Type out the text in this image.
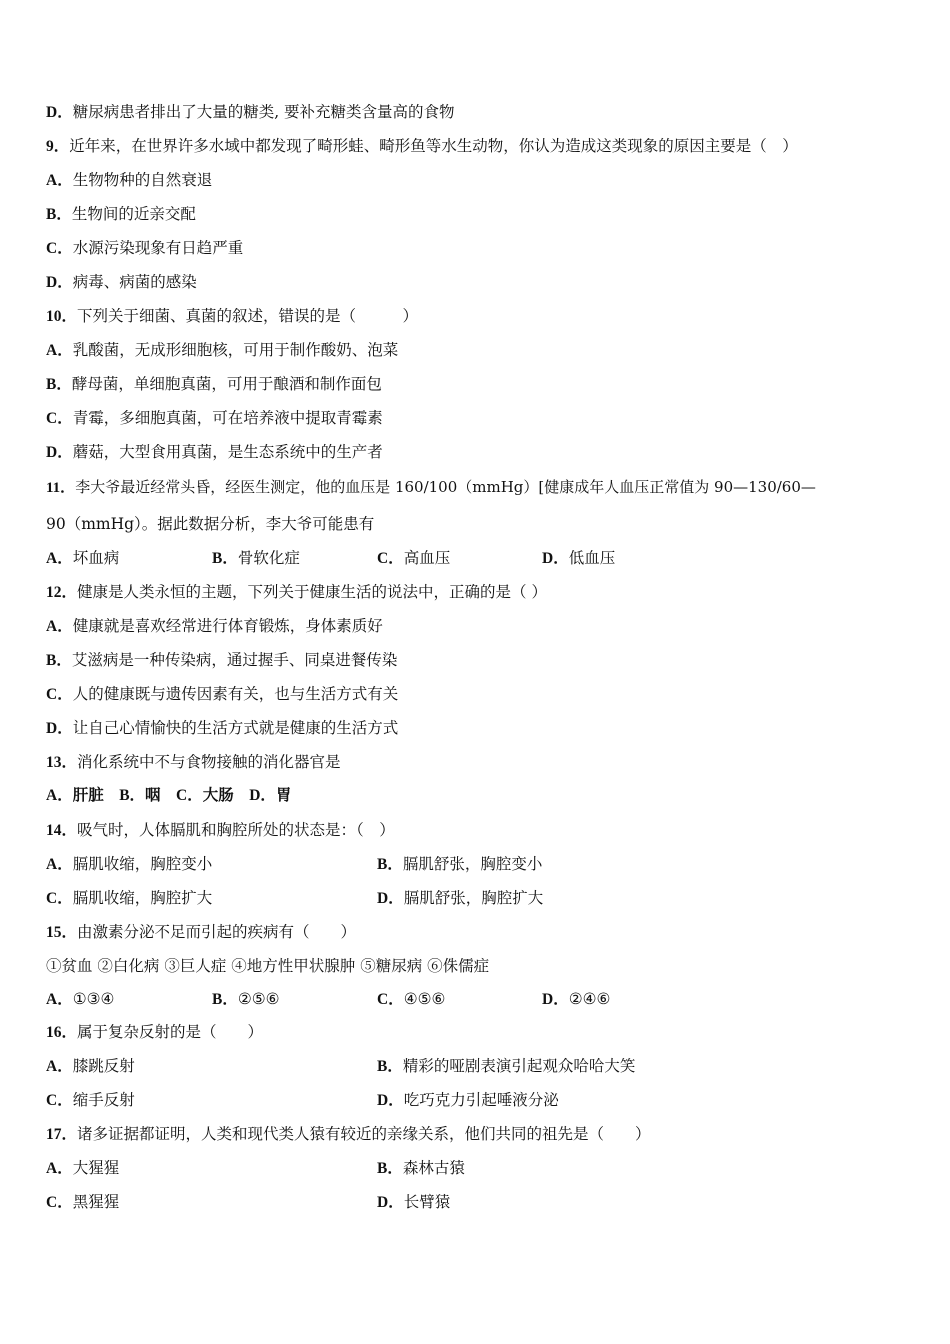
D．糖尿病患者排出了大量的糖类, 要补充糖类含量高的食物
9．近年来，在世界许多水域中都发现了畸形蛙、畸形鱼等水生动物，你认为造成这类现象的原因主要是（　）
A．生物物种的自然衰退
B．生物间的近亲交配
C．水源污染现象有日趋严重
D．病毒、病菌的感染
10．下列关于细菌、真菌的叙述，错误的是（　　　）
A．乳酸菌，无成形细胞核，可用于制作酸奶、泡菜
B．酵母菌，单细胞真菌，可用于酿酒和制作面包
C．青霉，多细胞真菌，可在培养液中提取青霉素
D．蘑菇，大型食用真菌，是生态系统中的生产者
11．李大爷最近经常头昏，经医生测定，他的血压是 160/100（mmHg）[健康成年人血压正常值为 90—130/60—
90（mmHg）。据此数据分析，李大爷可能患有
A．坏血病	B．骨软化症	C．高血压	D．低血压
12．健康是人类永恒的主题，下列关于健康生活的说法中，正确的是（ ）
A．健康就是喜欢经常进行体育锻炼，身体素质好
B．艾滋病是一种传染病，通过握手、同桌进餐传染
C．人的健康既与遗传因素有关，也与生活方式有关
D．让自己心情愉快的生活方式就是健康的生活方式
13．消化系统中不与食物接触的消化器官是
A．肝脏　B．咽　C．大肠　D．胃
14．吸气时，人体膈肌和胸腔所处的状态是：（　）
A．膈肌收缩，胸腔变小	B．膈肌舒张，胸腔变小
C．膈肌收缩，胸腔扩大	D．膈肌舒张，胸腔扩大
15．由激素分泌不足而引起的疾病有（　　）
①贫血 ②白化病 ③巨人症 ④地方性甲状腺肿 ⑤糖尿病 ⑥侏儒症
A．①③④	B．②⑤⑥	C．④⑤⑥	D．②④⑥
16．属于复杂反射的是（　　）
A．膝跳反射	B．精彩的哑剧表演引起观众哈哈大笑
C．缩手反射	D．吃巧克力引起唾液分泌
17．诸多证据都证明，人类和现代类人猿有较近的亲缘关系，他们共同的祖先是（　　）
A．大猩猩	B．森林古猿
C．黑猩猩	D．长臂猿
